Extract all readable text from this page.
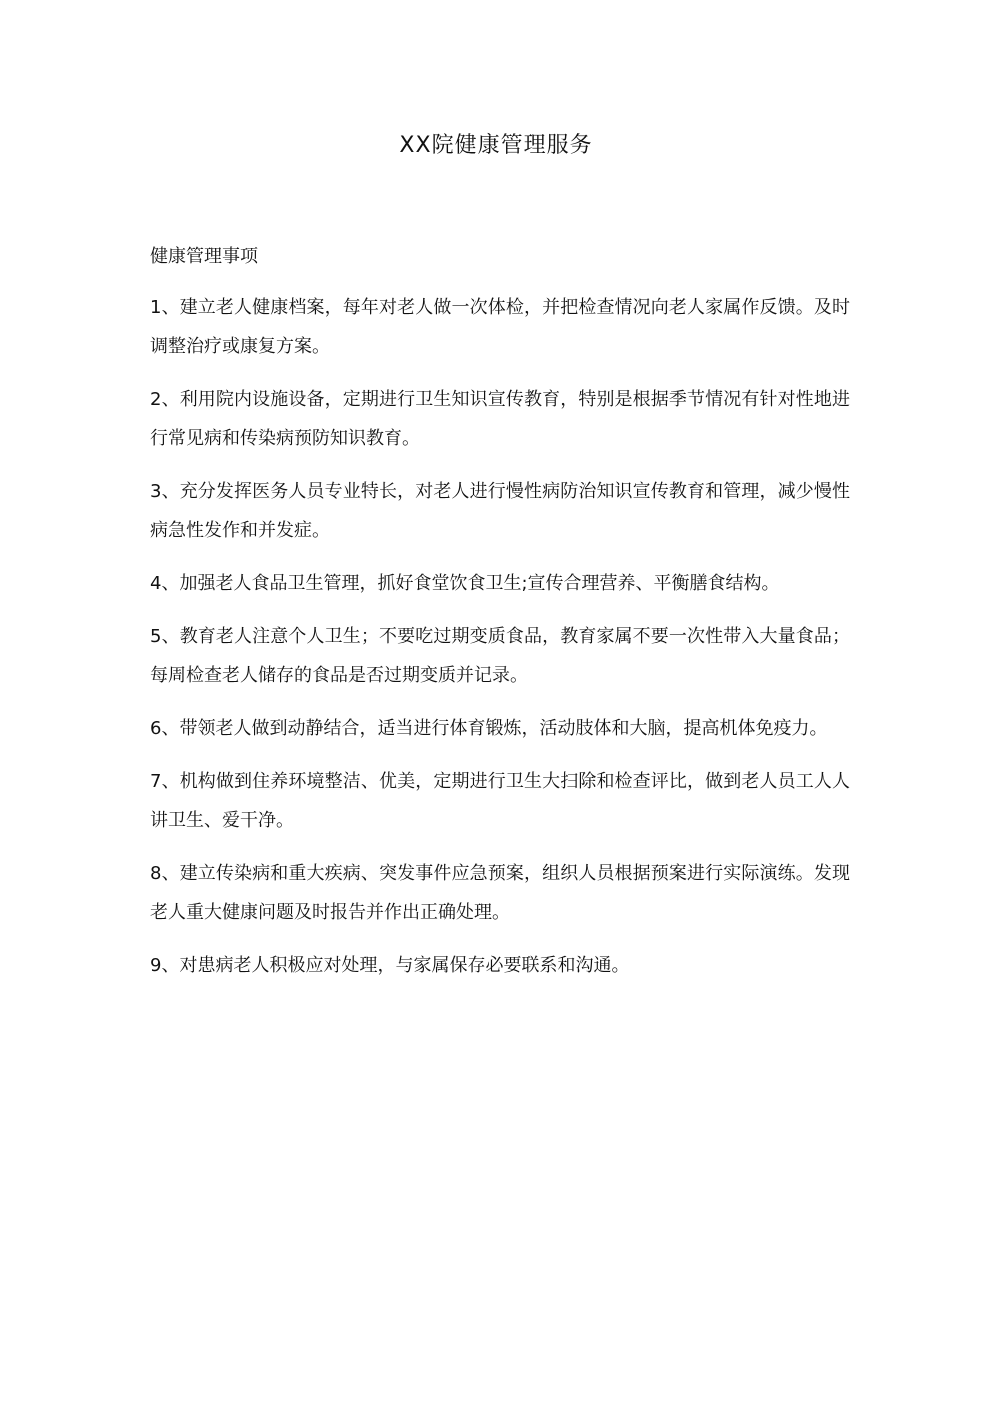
XX院健康管理服务
健康管理事项
1、建立老人健康档案，每年对老人做一次体检，并把检查情况向老人家属作反馈。及时调整治疗或康复方案。
2、利用院内设施设备，定期进行卫生知识宣传教育，特别是根据季节情况有针对性地进行常见病和传染病预防知识教育。
3、充分发挥医务人员专业特长，对老人进行慢性病防治知识宣传教育和管理，减少慢性病急性发作和并发症。
4、加强老人食品卫生管理，抓好食堂饮食卫生;宣传合理营养、平衡膳食结构。
5、教育老人注意个人卫生；不要吃过期变质食品，教育家属不要一次性带入大量食品；每周检查老人储存的食品是否过期变质并记录。
6、带领老人做到动静结合，适当进行体育锻炼，活动肢体和大脑，提高机体免疫力。
7、机构做到住养环境整洁、优美，定期进行卫生大扫除和检查评比，做到老人员工人人讲卫生、爱干净。
8、建立传染病和重大疾病、突发事件应急预案，组织人员根据预案进行实际演练。发现老人重大健康问题及时报告并作出正确处理。
9、对患病老人积极应对处理，与家属保存必要联系和沟通。
